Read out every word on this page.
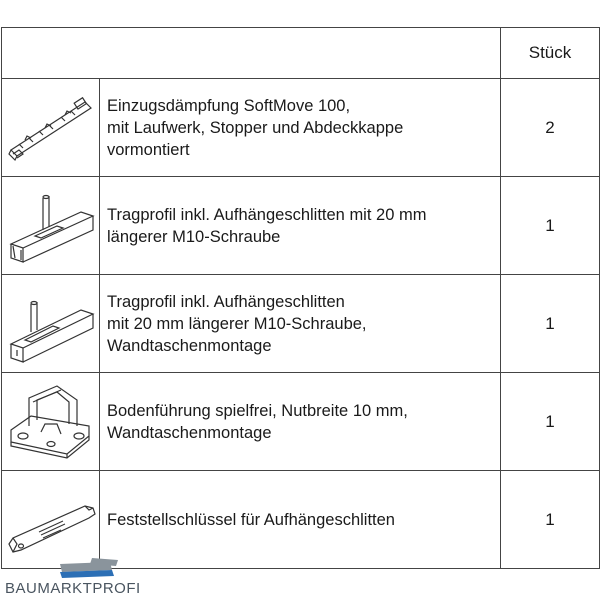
		Stück

Einzugsdämpfung SoftMove 100,
mit Laufwerk, Stopper und Abdeckkappe
vormontiert	2

Tragprofil inkl. Aufhängeschlitten mit 20 mm
längerer M10-Schraube	1

Tragprofil inkl. Aufhängeschlitten
mit 20 mm längerer M10-Schraube,
Wandtaschenmontage	1

Bodenführung spielfrei, Nutbreite 10 mm,
Wandtaschenmontage	1

Feststellschlüssel für Aufhängeschlitten	1
BAUMARKTPROFI
